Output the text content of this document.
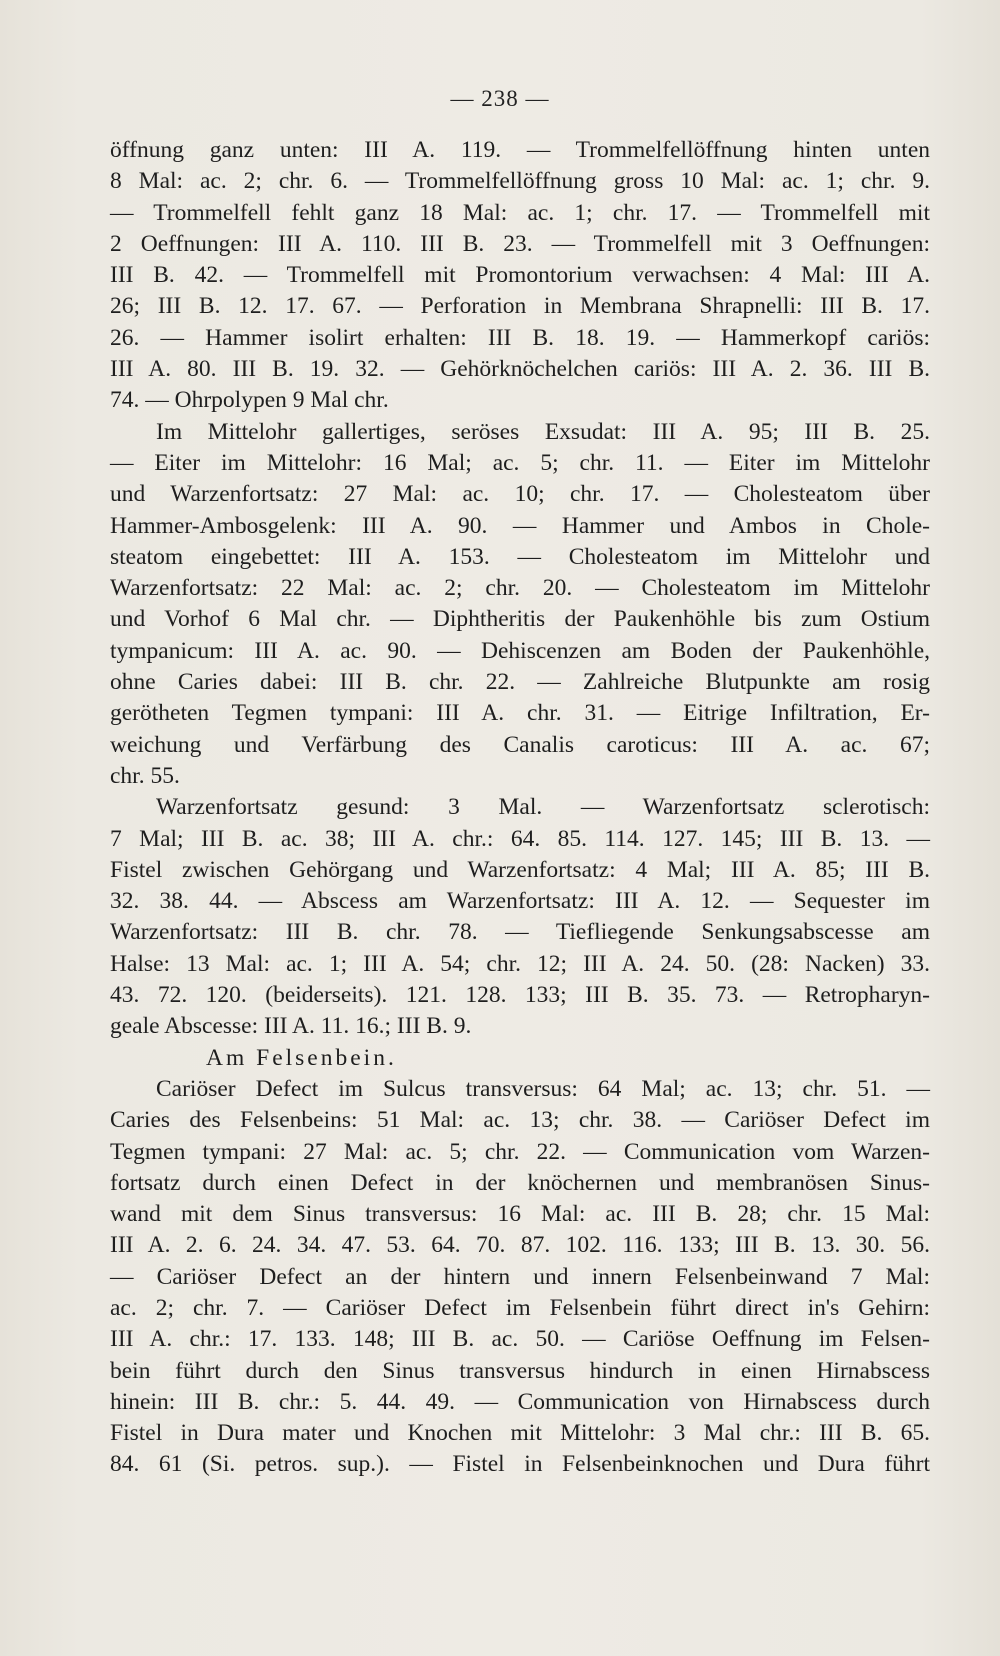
— 238 —
öffnung ganz unten: III A. 119. — Trommelfellöffnung hinten unten
8 Mal: ac. 2; chr. 6. — Trommelfellöffnung gross 10 Mal: ac. 1; chr. 9.
— Trommelfell fehlt ganz 18 Mal: ac. 1; chr. 17. — Trommelfell mit
2 Oeffnungen: III A. 110. III B. 23. — Trommelfell mit 3 Oeffnungen:
III B. 42. — Trommelfell mit Promontorium verwachsen: 4 Mal: III A.
26; III B. 12. 17. 67. — Perforation in Membrana Shrapnelli: III B. 17.
26. — Hammer isolirt erhalten: III B. 18. 19. — Hammerkopf cariös:
III A. 80. III B. 19. 32. — Gehörknöchelchen cariös: III A. 2. 36. III B.
74. — Ohrpolypen 9 Mal chr.
Im Mittelohr gallertiges, seröses Exsudat: III A. 95; III B. 25.
— Eiter im Mittelohr: 16 Mal; ac. 5; chr. 11. — Eiter im Mittelohr
und Warzenfortsatz: 27 Mal: ac. 10; chr. 17. — Cholesteatom über
Hammer-Ambosgelenk: III A. 90. — Hammer und Ambos in Chole-
steatom eingebettet: III A. 153. — Cholesteatom im Mittelohr und
Warzenfortsatz: 22 Mal: ac. 2; chr. 20. — Cholesteatom im Mittelohr
und Vorhof 6 Mal chr. — Diphtheritis der Paukenhöhle bis zum Ostium
tympanicum: III A. ac. 90. — Dehiscenzen am Boden der Paukenhöhle,
ohne Caries dabei: III B. chr. 22. — Zahlreiche Blutpunkte am rosig
gerötheten Tegmen tympani: III A. chr. 31. — Eitrige Infiltration, Er-
weichung und Verfärbung des Canalis caroticus: III A. ac. 67;
chr. 55.
Warzenfortsatz gesund: 3 Mal. — Warzenfortsatz sclerotisch:
7 Mal; III B. ac. 38; III A. chr.: 64. 85. 114. 127. 145; III B. 13. —
Fistel zwischen Gehörgang und Warzenfortsatz: 4 Mal; III A. 85; III B.
32. 38. 44. — Abscess am Warzenfortsatz: III A. 12. — Sequester im
Warzenfortsatz: III B. chr. 78. — Tiefliegende Senkungsabscesse am
Halse: 13 Mal: ac. 1; III A. 54; chr. 12; III A. 24. 50. (28: Nacken) 33.
43. 72. 120. (beiderseits). 121. 128. 133; III B. 35. 73. — Retropharyn-
geale Abscesse: III A. 11. 16.; III B. 9.
Am Felsenbein.
Cariöser Defect im Sulcus transversus: 64 Mal; ac. 13; chr. 51. —
Caries des Felsenbeins: 51 Mal: ac. 13; chr. 38. — Cariöser Defect im
Tegmen tympani: 27 Mal: ac. 5; chr. 22. — Communication vom Warzen-
fortsatz durch einen Defect in der knöchernen und membranösen Sinus-
wand mit dem Sinus transversus: 16 Mal: ac. III B. 28; chr. 15 Mal:
III A. 2. 6. 24. 34. 47. 53. 64. 70. 87. 102. 116. 133; III B. 13. 30. 56.
— Cariöser Defect an der hintern und innern Felsenbeinwand 7 Mal:
ac. 2; chr. 7. — Cariöser Defect im Felsenbein führt direct in's Gehirn:
III A. chr.: 17. 133. 148; III B. ac. 50. — Cariöse Oeffnung im Felsen-
bein führt durch den Sinus transversus hindurch in einen Hirnabscess
hinein: III B. chr.: 5. 44. 49. — Communication von Hirnabscess durch
Fistel in Dura mater und Knochen mit Mittelohr: 3 Mal chr.: III B. 65.
84. 61 (Si. petros. sup.). — Fistel in Felsenbeinknochen und Dura führt
